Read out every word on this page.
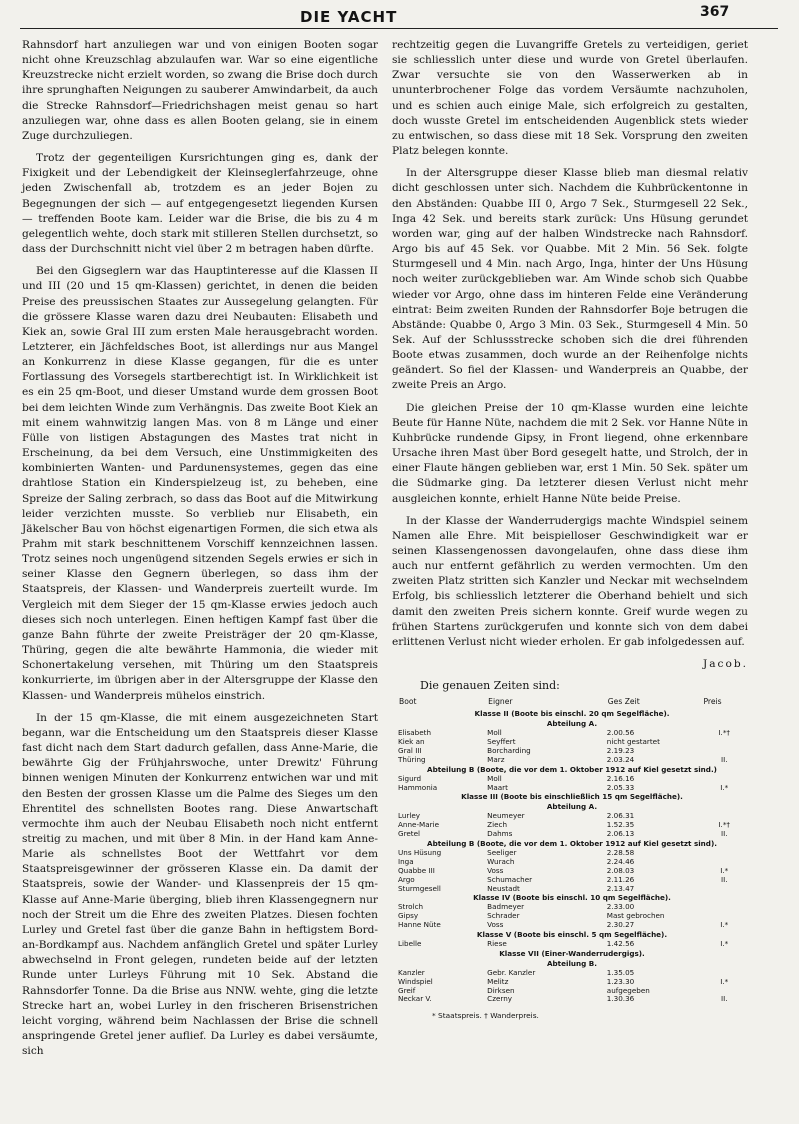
DIE YACHT	367

Rahnsdorf hart anzuliegen war und von einigen Booten sogar nicht ohne Kreuzschlag abzulaufen war. War so eine eigentliche Kreuzstrecke nicht erzielt worden, so zwang die Brise doch durch ihre sprunghaften Neigungen zu sauberer Amwindarbeit, da auch die Strecke Rahnsdorf—Friedrichshagen meist genau so hart anzuliegen war, ohne dass es allen Booten gelang, sie in einem Zuge durchzuliegen.

Trotz der gegenteiligen Kursrichtungen ging es, dank der Fixigkeit und der Lebendigkeit der Kleinseglerfahrzeuge, ohne jeden Zwischenfall ab, trotzdem es an jeder Bojen zu Begegnungen der sich — auf entgegengesetzt liegenden Kursen — treffenden Boote kam. Leider war die Brise, die bis zu 4 m gelegentlich wehte, doch stark mit stilleren Stellen durchsetzt, so dass der Durchschnitt nicht viel über 2 m betragen haben dürfte.

Bei den Gigseglern war das Hauptinteresse auf die Klassen II und III (20 und 15 qm-Klassen) gerichtet, in denen die beiden Preise des preussischen Staates zur Aussegelung gelangten. Für die grössere Klasse waren dazu drei Neubauten: Elisabeth und Kiek an, sowie Gral III zum ersten Male herausgebracht worden. Letzterer, ein Jächfeldsches Boot, ist allerdings nur aus Mangel an Konkurrenz in diese Klasse gegangen, für die es unter Fortlassung des Vorsegels startberechtigt ist. In Wirklichkeit ist es ein 25 qm-Boot, und dieser Umstand wurde dem grossen Boot bei dem leichten Winde zum Verhängnis. Das zweite Boot Kiek an mit einem wahnwitzig langen Mas. von 8 m Länge und einer Fülle von listigen Abstagungen des Mastes trat nicht in Erscheinung, da bei dem Versuch, eine Unstimmigkeiten des kombinierten Wanten- und Pardunensystemes, gegen das eine drahtlose Station ein Kinderspielzeug ist, zu beheben, eine Spreize der Saling zerbrach, so dass das Boot auf die Mitwirkung leider verzichten musste. So verblieb nur Elisabeth, ein Jäkelscher Bau von höchst eigenartigen Formen, die sich etwa als Prahm mit stark beschnittenem Vorschiff kennzeichnen lassen. Trotz seines noch ungenügend sitzenden Segels erwies er sich in seiner Klasse den Gegnern überlegen, so dass ihm der Staatspreis, der Klassen- und Wanderpreis zuerteilt wurde. Im Vergleich mit dem Sieger der 15 qm-Klasse erwies jedoch auch dieses sich noch unterlegen. Einen heftigen Kampf fast über die ganze Bahn führte der zweite Preisträger der 20 qm-Klasse, Thüring, gegen die alte bewährte Hammonia, die wieder mit Schonertakelung versehen, mit Thüring um den Staatspreis konkurrierte, im übrigen aber in der Altersgruppe der Klasse den Klassen- und Wanderpreis mühelos einstrich.

In der 15 qm-Klasse, die mit einem ausgezeichneten Start begann, war die Entscheidung um den Staatspreis dieser Klasse fast dicht nach dem Start dadurch gefallen, dass Anne-Marie, die bewährte Gig der Frühjahrswoche, unter Drewitz' Führung binnen wenigen Minuten der Konkurrenz entwichen war und mit den Besten der grossen Klasse um die Palme des Sieges um den Ehrentitel des schnellsten Bootes rang. Diese Anwartschaft vermochte ihm auch der Neubau Elisabeth noch nicht entfernt streitig zu machen, und mit über 8 Min. in der Hand kam Anne-Marie als schnellstes Boot der Wettfahrt vor dem Staatspreisgewinner der grösseren Klasse ein. Da damit der Staatspreis, sowie der Wander- und Klassenpreis der 15 qm-Klasse auf Anne-Marie überging, blieb ihren Klassengegnern nur noch der Streit um die Ehre des zweiten Platzes. Diesen fochten Lurley und Gretel fast über die ganze Bahn in heftigstem Bord-an-Bordkampf aus. Nachdem anfänglich Gretel und später Lurley abwechselnd in Front gelegen, rundeten beide auf der letzten Runde unter Lurleys Führung mit 10 Sek. Abstand die Rahnsdorfer Tonne. Da die Brise aus NNW. wehte, ging die letzte Strecke hart an, wobei Lurley in den frischeren Brisenstrichen leicht vorging, während beim Nachlassen der Brise die schnell anspringende Gretel jener auflief. Da Lurley es dabei versäumte, sich

rechtzeitig gegen die Luvangriffe Gretels zu verteidigen, geriet sie schliesslich unter diese und wurde von Gretel überlaufen. Zwar versuchte sie von den Wasserwerken ab in ununterbrochener Folge das vordem Versäumte nachzuholen, und es schien auch einige Male, sich erfolgreich zu gestalten, doch wusste Gretel im entscheidenden Augenblick stets wieder zu entwischen, so dass diese mit 18 Sek. Vorsprung den zweiten Platz belegen konnte.

In der Altersgruppe dieser Klasse blieb man diesmal relativ dicht geschlossen unter sich. Nachdem die Kuhbrückentonne in den Abständen: Quabbe III 0, Argo 7 Sek., Sturmgesell 22 Sek., Inga 42 Sek. und bereits stark zurück: Uns Hüsung gerundet worden war, ging auf der halben Windstrecke nach Rahnsdorf. Argo bis auf 45 Sek. vor Quabbe. Mit 2 Min. 56 Sek. folgte Sturmgesell und 4 Min. nach Argo, Inga, hinter der Uns Hüsung noch weiter zurückgeblieben war. Am Winde schob sich Quabbe wieder vor Argo, ohne dass im hinteren Felde eine Veränderung eintrat: Beim zweiten Runden der Rahnsdorfer Boje betrugen die Abstände: Quabbe 0, Argo 3 Min. 03 Sek., Sturmgesell 4 Min. 50 Sek. Auf der Schlussstrecke schoben sich die drei führenden Boote etwas zusammen, doch wurde an der Reihenfolge nichts geändert. So fiel der Klassen- und Wanderpreis an Quabbe, der zweite Preis an Argo.

Die gleichen Preise der 10 qm-Klasse wurden eine leichte Beute für Hanne Nüte, nachdem die mit 2 Sek. vor Hanne Nüte in Kuhbrücke rundende Gipsy, in Front liegend, ohne erkennbare Ursache ihren Mast über Bord gesegelt hatte, und Strolch, der in einer Flaute hängen geblieben war, erst 1 Min. 50 Sek. später um die Südmarke ging. Da letzterer diesen Verlust nicht mehr ausgleichen konnte, erhielt Hanne Nüte beide Preise.

In der Klasse der Wanderrudergigs machte Windspiel seinem Namen alle Ehre. Mit beispielloser Geschwindigkeit war er seinen Klassengenossen davongelaufen, ohne dass diese ihm auch nur entfernt gefährlich zu werden vermochten. Um den zweiten Platz stritten sich Kanzler und Neckar mit wechselndem Erfolg, bis schliesslich letzterer die Oberhand behielt und sich damit den zweiten Preis sichern konnte. Greif wurde wegen zu frühen Startens zurückgerufen und konnte sich von dem dabei erlittenen Verlust nicht wieder erholen. Er gab infolgedessen auf.

Jacob.
Die genauen Zeiten sind:
Boot	Eigner	Ges Zeit	Preis
Klasse II (Boote bis einschl. 20 qm Segelfläche).			
Abteilung A.			
Elisabeth	Moll	2.00.56	I.*†
Kiek an	Seyffert	nicht gestartet	
Gral III	Borcharding	2.19.23	
Thüring	Marz	2.03.24	II.
Abteilung B (Boote, die vor dem 1. Oktober 1912 auf Kiel gesetzt sind.)			
Sigurd	Moll	2.16.16	
Hammonia	Maart	2.05.33	I.*
Klasse III (Boote bis einschließlich 15 qm Segelfläche).			
Abteilung A.			
Lurley	Neumeyer	2.06.31	
Anne-Marie	Ziech	1.52.35	I.*†
Gretel	Dahms	2.06.13	II.
Abteilung B (Boote, die vor dem 1. Oktober 1912 auf Kiel gesetzt sind).			
Uns Hüsung	Seeliger	2.28.58	
Inga	Wurach	2.24.46	
Quabbe III	Voss	2.08.03	I.*
Argo	Schumacher	2.11.26	II.
Sturmgesell	Neustadt	2.13.47	
Klasse IV (Boote bis einschl. 10 qm Segelfläche).			
Strolch	Badmeyer	2.33.00	
Gipsy	Schrader	Mast gebrochen	
Hanne Nüte	Voss	2.30.27	I.*
Klasse V (Boote bis einschl. 5 qm Segelfläche).			
Libelle	Riese	1.42.56	I.*
Klasse VII (Einer-Wanderrudergigs).			
Abteilung B.			
Kanzler	Gebr. Kanzler	1.35.05	
Windspiel	Melitz	1.23.30	I.*
Greif	Dirksen	aufgegeben	
Neckar V.	Czerny	1.30.36	II.
* Staatspreis. † Wanderpreis.
